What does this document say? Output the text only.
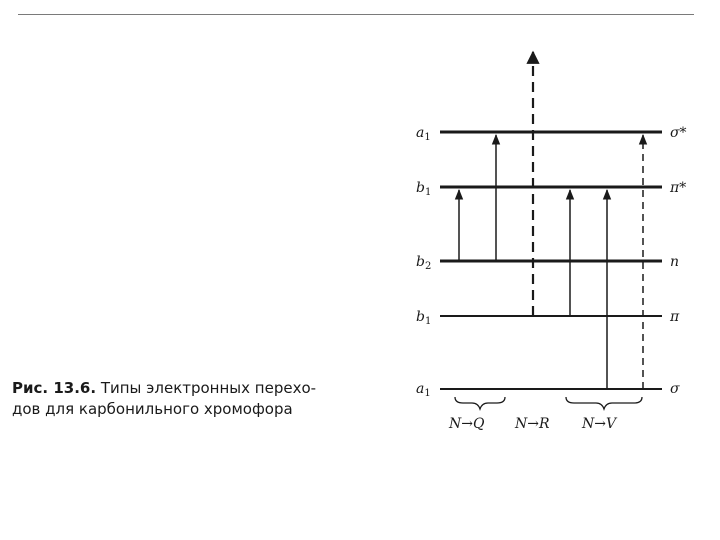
$a_1$
$b_1$
$b_2$
$b_1$
$a_1$
σ*
π*
n
π
σ
N→Q N→R N→V
Рис. 13.6. Типы электронных перехо-
дов для карбонильного хромофора
